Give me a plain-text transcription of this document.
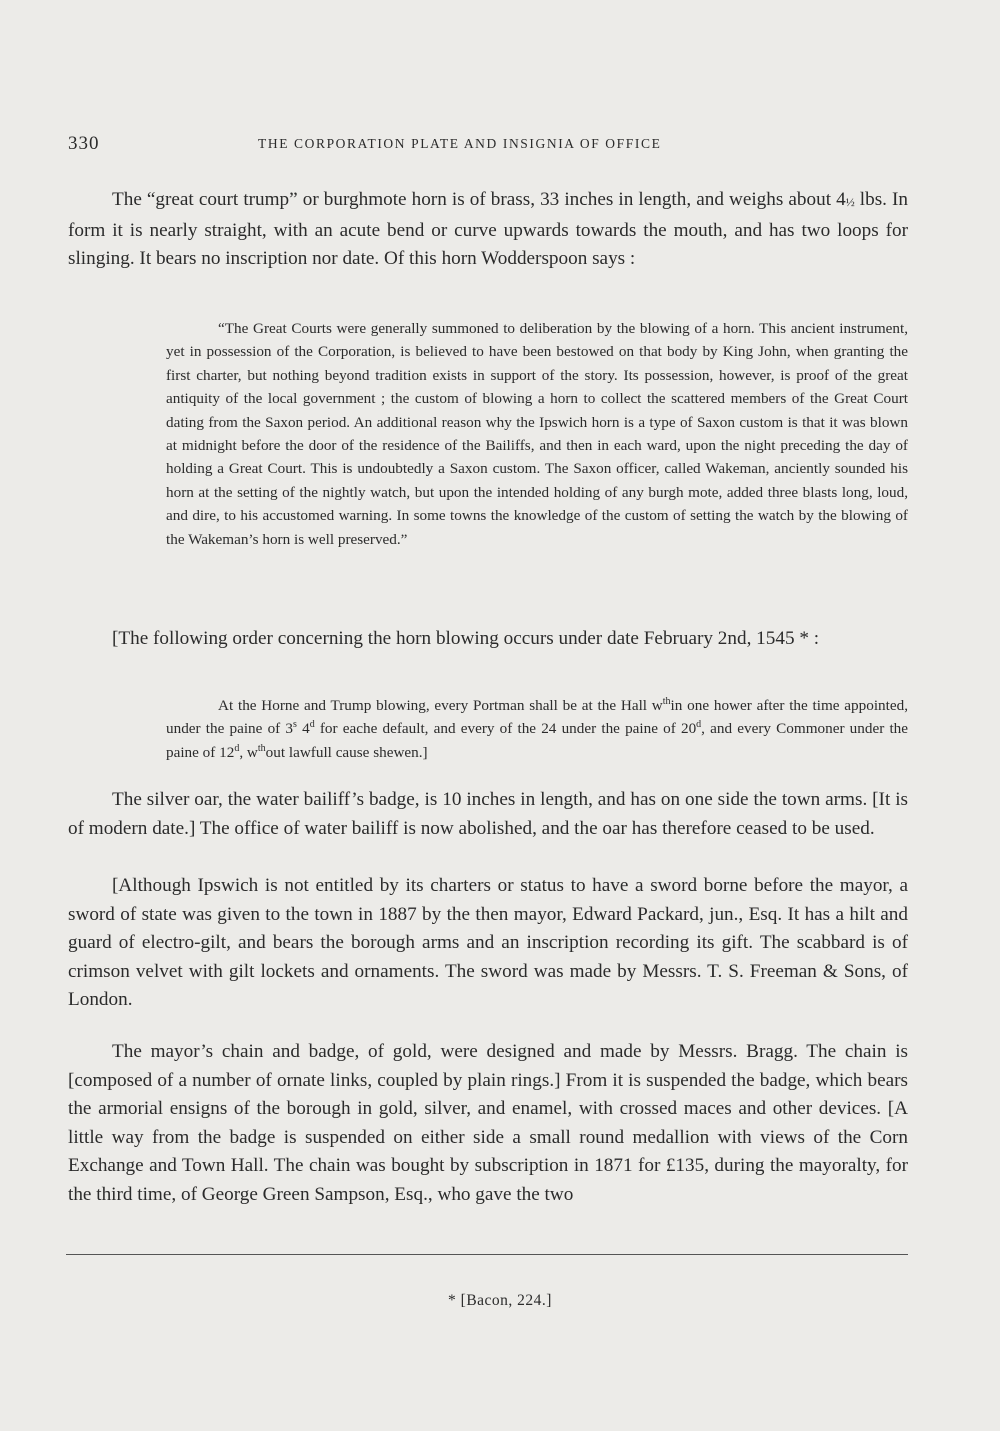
330	THE CORPORATION PLATE AND INSIGNIA OF OFFICE

The “great court trump” or burghmote horn is of brass, 33 inches in length, and weighs about 4½ lbs. In form it is nearly straight, with an acute bend or curve upwards towards the mouth, and has two loops for slinging. It bears no inscription nor date. Of this horn Wodderspoon says :

“The Great Courts were generally summoned to deliberation by the blowing of a horn. This ancient instrument, yet in possession of the Corporation, is believed to have been bestowed on that body by King John, when granting the first charter, but nothing beyond tradition exists in support of the story. Its possession, however, is proof of the great antiquity of the local government ; the custom of blowing a horn to collect the scattered members of the Great Court dating from the Saxon period. An additional reason why the Ipswich horn is a type of Saxon custom is that it was blown at midnight before the door of the residence of the Bailiffs, and then in each ward, upon the night preceding the day of holding a Great Court. This is undoubtedly a Saxon custom. The Saxon officer, called Wakeman, anciently sounded his horn at the setting of the nightly watch, but upon the intended holding of any burgh mote, added three blasts long, loud, and dire, to his accustomed warning. In some towns the knowledge of the custom of setting the watch by the blowing of the Wakeman’s horn is well preserved.”

[The following order concerning the horn blowing occurs under date February 2nd, 1545 * :

At the Horne and Trump blowing, every Portman shall be at the Hall $w^{th}in$ one hower after the time appointed, under the paine of 3$^s$ 4$^d$ for eache default, and every of the 24 under the paine of 20$^d$, and every Commoner under the paine of 12$^d$, $w^{th}out$ lawfull cause shewen.]

The silver oar, the water bailiff’s badge, is 10 inches in length, and has on one side the town arms. [It is of modern date.] The office of water bailiff is now abolished, and the oar has therefore ceased to be used.

[Although Ipswich is not entitled by its charters or status to have a sword borne before the mayor, a sword of state was given to the town in 1887 by the then mayor, Edward Packard, jun., Esq. It has a hilt and guard of electro-gilt, and bears the borough arms and an inscription recording its gift. The scabbard is of crimson velvet with gilt lockets and ornaments. The sword was made by Messrs. T. S. Freeman & Sons, of London.

The mayor’s chain and badge, of gold, were designed and made by Messrs. Bragg. The chain is [composed of a number of ornate links, coupled by plain rings.] From it is suspended the badge, which bears the armorial ensigns of the borough in gold, silver, and enamel, with crossed maces and other devices. [A little way from the badge is suspended on either side a small round medallion with views of the Corn Exchange and Town Hall. The chain was bought by subscription in 1871 for £135, during the mayoralty, for the third time, of George Green Sampson, Esq., who gave the two

* [Bacon, 224.]
